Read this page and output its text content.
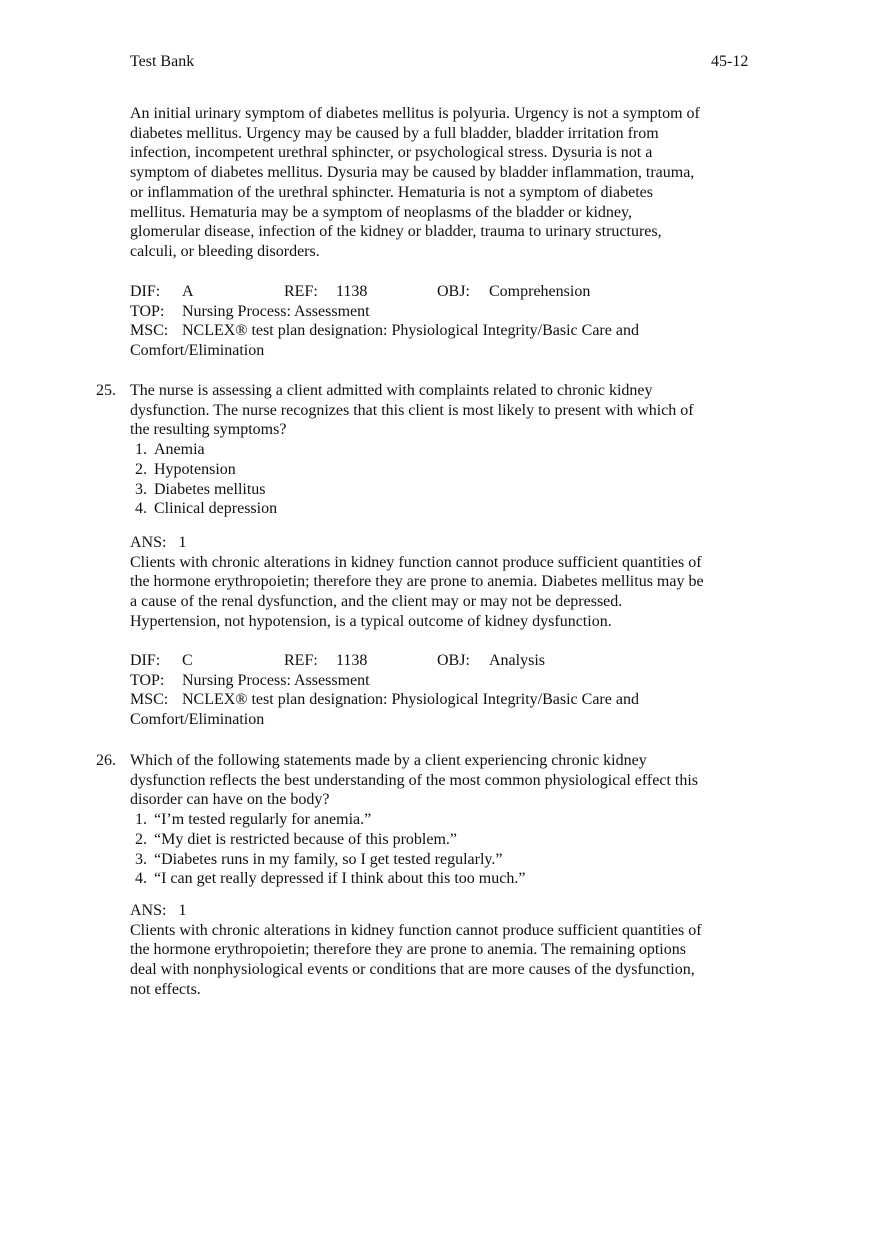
Test Bank	45-12
An initial urinary symptom of diabetes mellitus is polyuria. Urgency is not a symptom of
diabetes mellitus. Urgency may be caused by a full bladder, bladder irritation from
infection, incompetent urethral sphincter, or psychological stress. Dysuria is not a
symptom of diabetes mellitus. Dysuria may be caused by bladder inflammation, trauma,
or inflammation of the urethral sphincter. Hematuria is not a symptom of diabetes
mellitus. Hematuria may be a symptom of neoplasms of the bladder or kidney,
glomerular disease, infection of the kidney or bladder, trauma to urinary structures,
calculi, or bleeding disorders.
DIF: A	REF: 1138	OBJ: Comprehension
TOP: Nursing Process: Assessment
MSC: NCLEX® test plan designation: Physiological Integrity/Basic Care and
Comfort/Elimination
25. The nurse is assessing a client admitted with complaints related to chronic kidney
dysfunction. The nurse recognizes that this client is most likely to present with which of
the resulting symptoms?
1. Anemia
2. Hypotension
3. Diabetes mellitus
4. Clinical depression
ANS:   1
Clients with chronic alterations in kidney function cannot produce sufficient quantities of
the hormone erythropoietin; therefore they are prone to anemia. Diabetes mellitus may be
a cause of the renal dysfunction, and the client may or may not be depressed.
Hypertension, not hypotension, is a typical outcome of kidney dysfunction.
DIF: C	REF: 1138	OBJ: Analysis
TOP: Nursing Process: Assessment
MSC: NCLEX® test plan designation: Physiological Integrity/Basic Care and
Comfort/Elimination
26. Which of the following statements made by a client experiencing chronic kidney
dysfunction reflects the best understanding of the most common physiological effect this
disorder can have on the body?
1. “I’m tested regularly for anemia.”
2. “My diet is restricted because of this problem.”
3. “Diabetes runs in my family, so I get tested regularly.”
4. “I can get really depressed if I think about this too much.”
ANS:   1
Clients with chronic alterations in kidney function cannot produce sufficient quantities of
the hormone erythropoietin; therefore they are prone to anemia. The remaining options
deal with nonphysiological events or conditions that are more causes of the dysfunction,
not effects.
